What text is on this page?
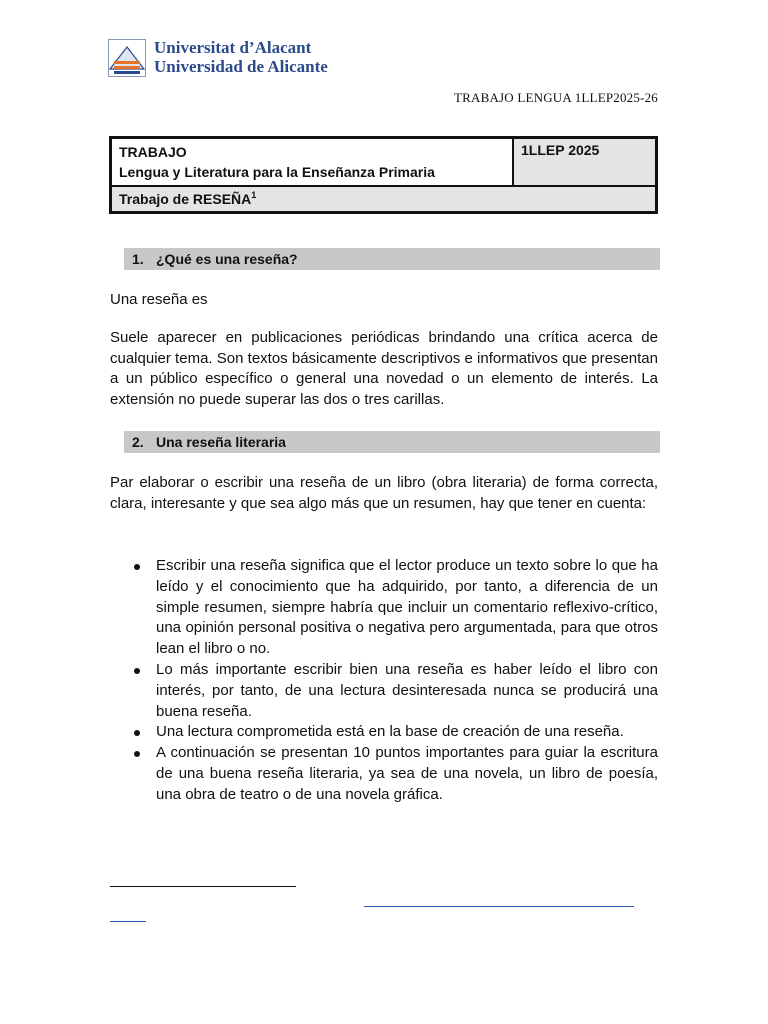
Universitat d’Alacant
Universidad de Alicante
TRABAJO LENGUA 1LLEP2025-26
TRABAJO
Lengua y Literatura para la Enseñanza Primaria
	1LLEP 2025
Trabajo de RESEÑA$^1$
1. ¿Qué es una reseña?
Una reseña es
Suele aparecer en publicaciones periódicas brindando una crítica acerca de cualquier tema. Son textos básicamente descriptivos e informativos que presentan a un público específico o general una novedad o un elemento de interés. La extensión no puede superar las dos o tres carillas.
2. Una reseña literaria
Par elaborar o escribir una reseña de un libro (obra literaria) de forma correcta, clara, interesante y que sea algo más que un resumen, hay que tener en cuenta:
Escribir una reseña significa que el lector produce un texto sobre lo que ha leído y el conocimiento que ha adquirido, por tanto, a diferencia de un simple resumen, siempre habría que incluir un comentario reflexivo-crítico, una opinión personal positiva o negativa pero argumentada, para que otros lean el libro o no.
Lo más importante escribir bien una reseña es haber leído el libro con interés, por tanto, de una lectura desinteresada nunca se producirá una buena reseña.
Una lectura comprometida está en la base de creación de una reseña.
A continuación se presentan 10 puntos importantes para guiar la escritura de una buena reseña literaria, ya sea de una novela, un libro de poesía, una obra de teatro o de una novela gráfica.
